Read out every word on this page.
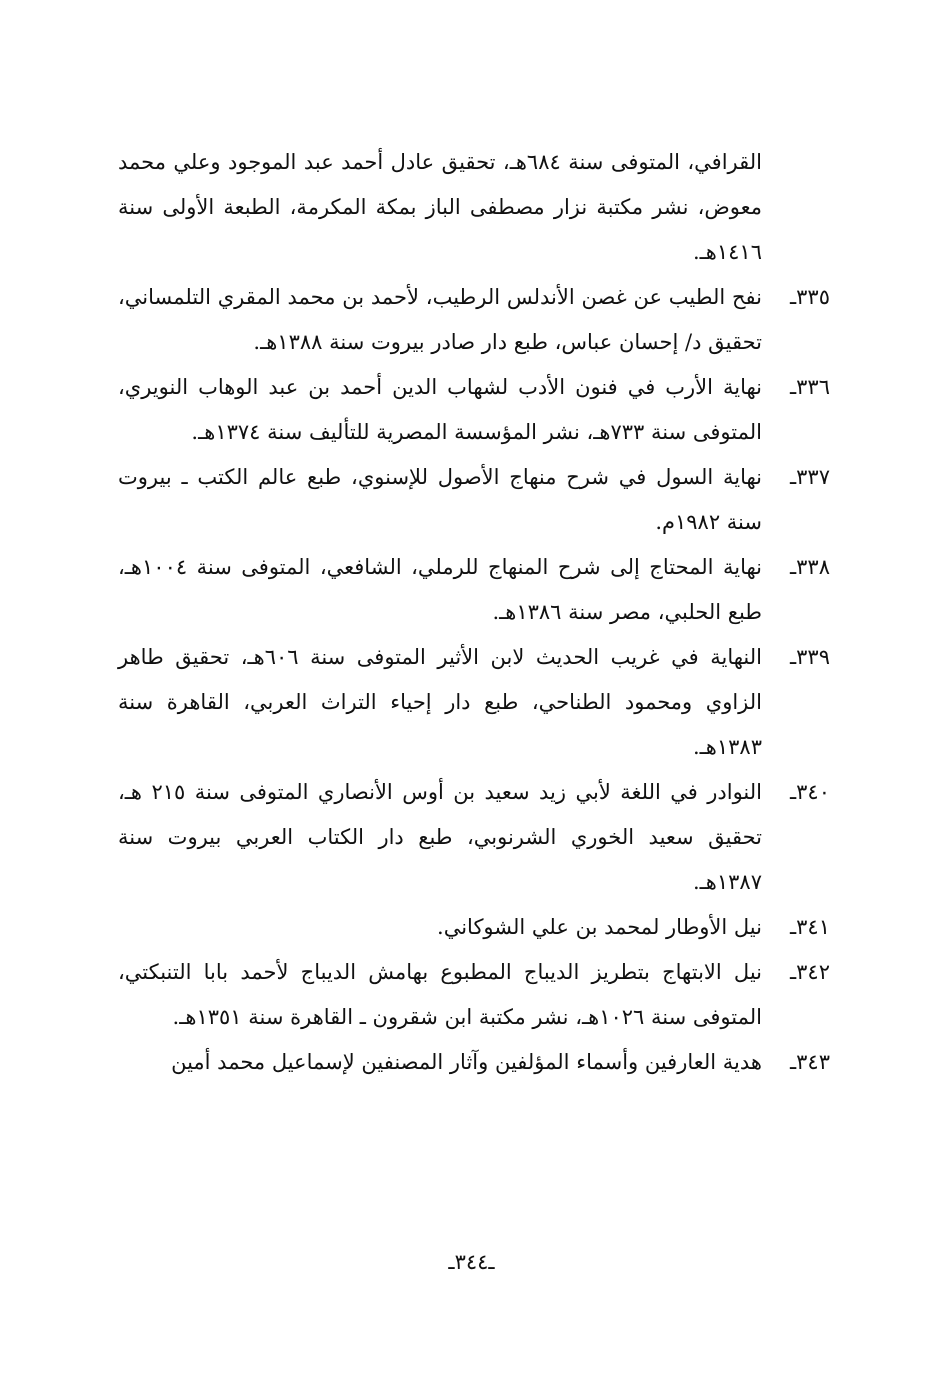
القرافي، المتوفى سنة ٦٨٤هـ، تحقيق عادل أحمد عبد الموجود وعلي محمد معوض، نشر مكتبة نزار مصطفى الباز بمكة المكرمة، الطبعة الأولى سنة ١٤١٦هـ.
٣٣٥ـ
نفح الطيب عن غصن الأندلس الرطيب، لأحمد بن محمد المقري التلمساني، تحقيق د/ إحسان عباس، طبع دار صادر بيروت سنة ١٣٨٨هـ.
٣٣٦ـ
نهاية الأرب في فنون الأدب لشهاب الدين أحمد بن عبد الوهاب النويري، المتوفى سنة ٧٣٣هـ، نشر المؤسسة المصرية للتأليف سنة ١٣٧٤هـ.
٣٣٧ـ
نهاية السول في شرح منهاج الأصول للإسنوي، طبع عالم الكتب ـ بيروت سنة ١٩٨٢م.
٣٣٨ـ
نهاية المحتاج إلى شرح المنهاج للرملي، الشافعي، المتوفى سنة ١٠٠٤هـ، طبع الحلبي، مصر سنة ١٣٨٦هـ.
٣٣٩ـ
النهاية في غريب الحديث لابن الأثير المتوفى سنة ٦٠٦هـ، تحقيق طاهر الزاوي ومحمود الطناحي، طبع دار إحياء التراث العربي، القاهرة سنة ١٣٨٣هـ.
٣٤٠ـ
النوادر في اللغة لأبي زيد سعيد بن أوس الأنصاري المتوفى سنة ٢١٥ هـ، تحقيق سعيد الخوري الشرنوبي، طبع دار الكتاب العربي بيروت سنة ١٣٨٧هـ.
٣٤١ـ
نيل الأوطار لمحمد بن علي الشوكاني.
٣٤٢ـ
نيل الابتهاج بتطريز الديباج المطبوع بهامش الديباج لأحمد بابا التنبكتي، المتوفى سنة ١٠٢٦هـ، نشر مكتبة ابن شقرون ـ القاهرة سنة ١٣٥١هـ.
٣٤٣ـ
هدية العارفين وأسماء المؤلفين وآثار المصنفين لإسماعيل محمد أمين
ـ٣٤٤ـ
